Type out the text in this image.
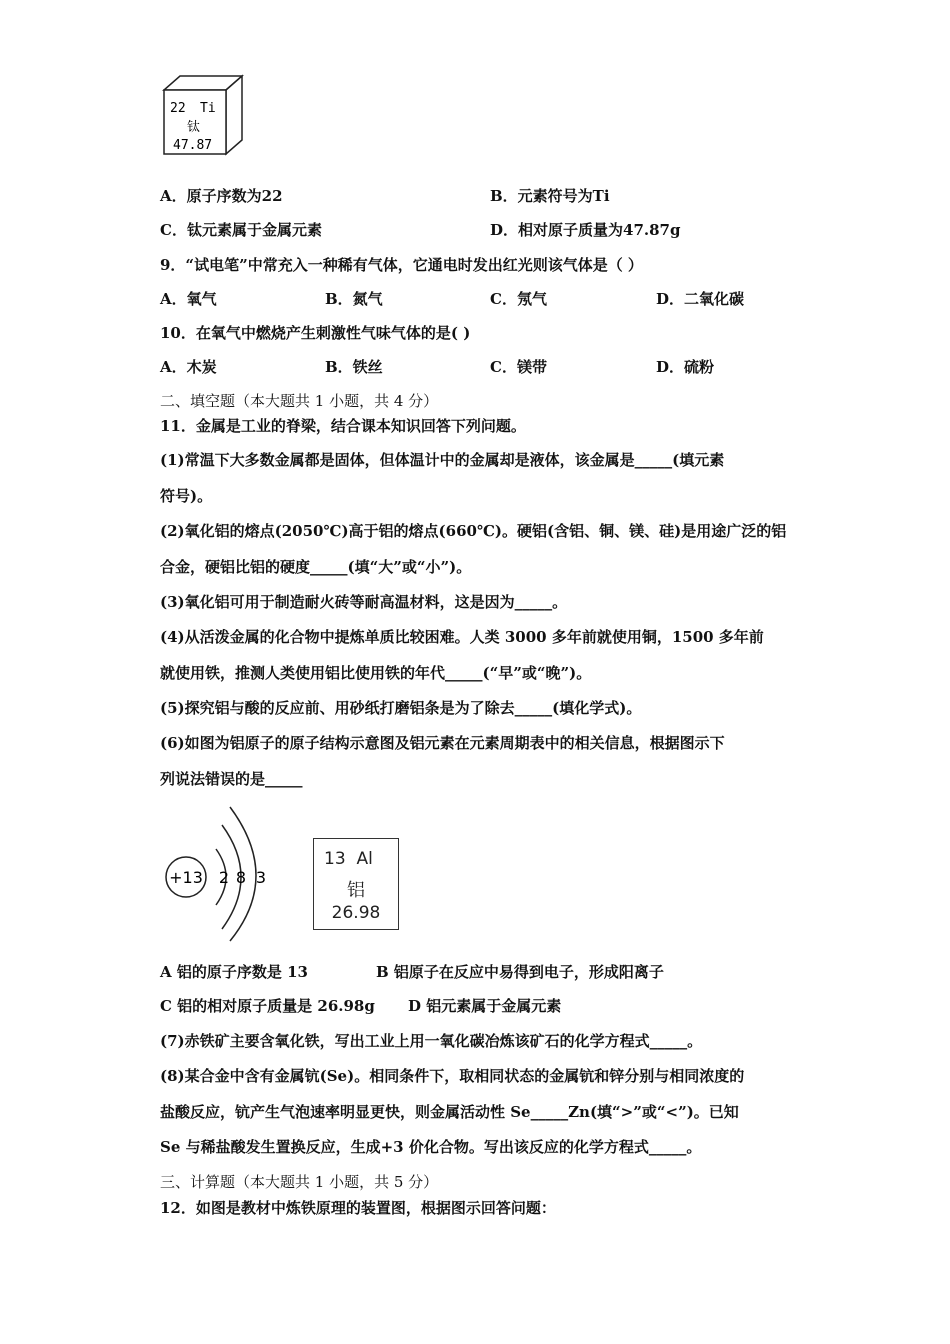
22 Ti
钛
47.87
A．原子序数为22	B．元素符号为Ti
C．钛元素属于金属元素	D．相对原子质量为47.87g
9．“试电笔”中常充入一种稀有气体，它通电时发出红光则该气体是（ ）
A．氧气	B．氮气	C．氖气	D．二氧化碳
10．在氧气中燃烧产生刺激性气味气体的是( )
A．木炭	B．铁丝	C．镁带	D．硫粉
二、填空题（本大题共 1 小题，共 4 分）
11．金属是工业的脊梁，结合课本知识回答下列问题。
(1)常温下大多数金属都是固体，但体温计中的金属却是液体，该金属是_____(填元素
符号)。
(2)氧化铝的熔点(2050℃)高于铝的熔点(660℃)。硬铝(含铝、铜、镁、硅)是用途广泛的铝
合金，硬铝比铝的硬度_____(填“大”或“小”)。
(3)氧化铝可用于制造耐火砖等耐高温材料，这是因为_____。
(4)从活泼金属的化合物中提炼单质比较困难。人类 3000 多年前就使用铜，1500 多年前
就使用铁，推测人类使用铝比使用铁的年代_____(“早”或“晚”)。
(5)探究铝与酸的反应前、用砂纸打磨铝条是为了除去_____(填化学式)。
(6)如图为铝原子的原子结构示意图及铝元素在元素周期表中的相关信息，根据图示下
列说法错误的是_____
+13 2 8 3
13 Al
铝
26.98
A 铝的原子序数是 13	B 铝原子在反应中易得到电子，形成阳离子
C 铝的相对原子质量是 26.98g D 铝元素属于金属元素
(7)赤铁矿主要含氧化铁，写出工业上用一氧化碳冶炼该矿石的化学方程式_____。
(8)某合金中含有金属钪(Se)。相同条件下，取相同状态的金属钪和锌分别与相同浓度的
盐酸反应，钪产生气泡速率明显更快，则金属活动性 Se_____Zn(填“>”或“<”)。已知
Se 与稀盐酸发生置换反应，生成+3 价化合物。写出该反应的化学方程式_____。
三、计算题（本大题共 1 小题，共 5 分）
12．如图是教材中炼铁原理的装置图，根据图示回答问题：
